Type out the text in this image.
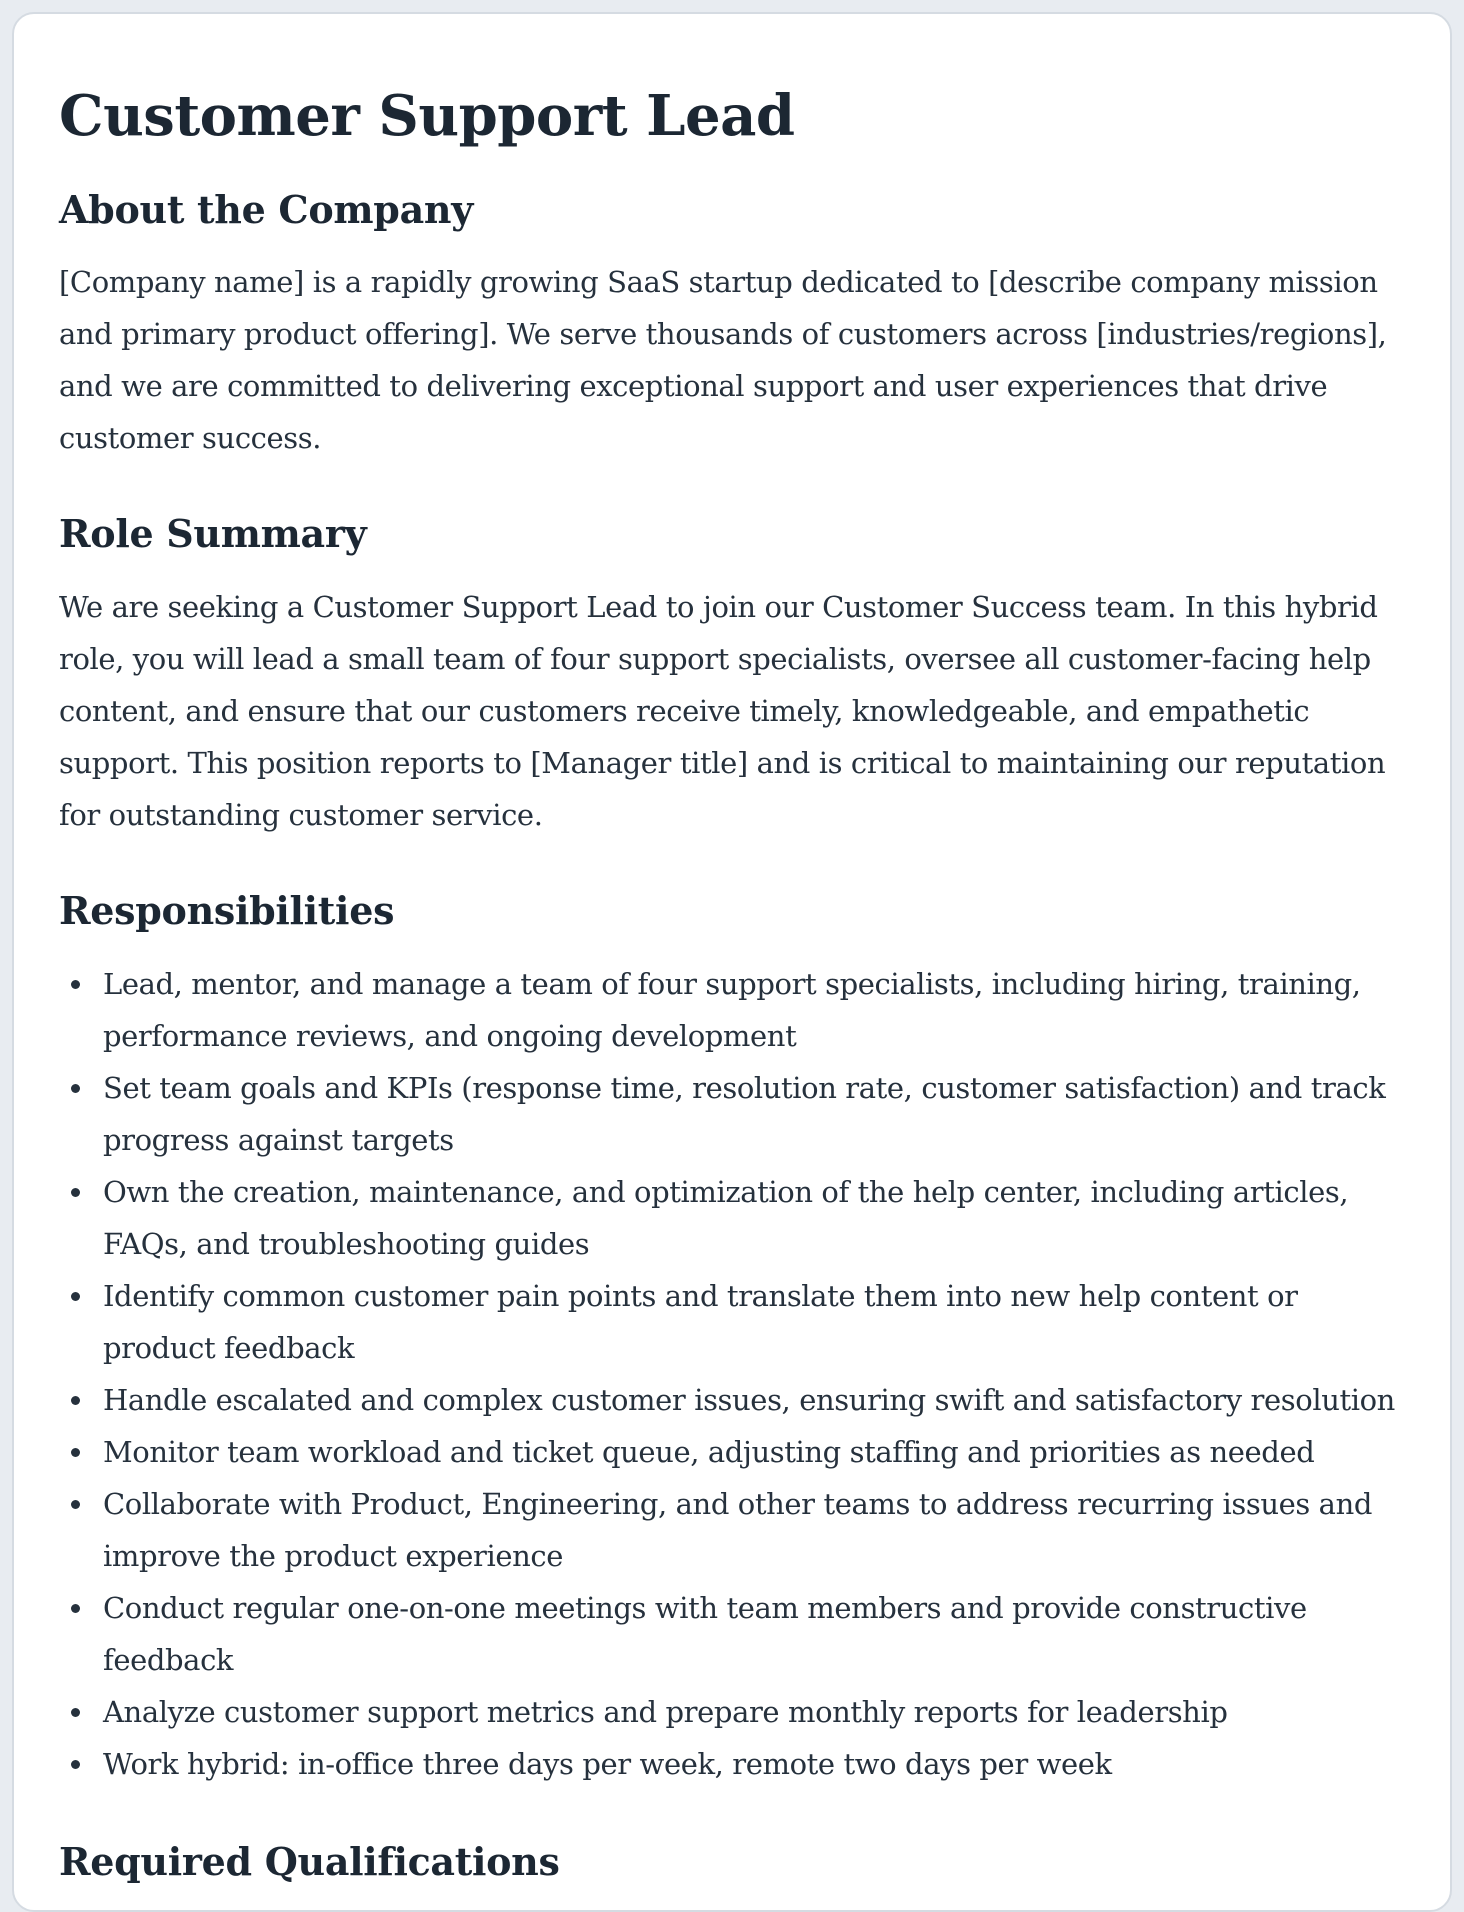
Customer Support Lead
About the Company

[Company name] is a rapidly growing SaaS startup dedicated to [describe company mission and primary product offering]. We serve thousands of customers across [industries/regions], and we are committed to delivering exceptional support and user experiences that drive customer success.

Role Summary

We are seeking a Customer Support Lead to join our Customer Success team. In this hybrid role, you will lead a small team of four support specialists, oversee all customer-facing help content, and ensure that our customers receive timely, knowledgeable, and empathetic support. This position reports to [Manager title] and is critical to maintaining our reputation for outstanding customer service.

Responsibilities
Lead, mentor, and manage a team of four support specialists, including hiring, training, performance reviews, and ongoing development
Set team goals and KPIs (response time, resolution rate, customer satisfaction) and track progress against targets
Own the creation, maintenance, and optimization of the help center, including articles, FAQs, and troubleshooting guides
Identify common customer pain points and translate them into new help content or product feedback
Handle escalated and complex customer issues, ensuring swift and satisfactory resolution
Monitor team workload and ticket queue, adjusting staffing and priorities as needed
Collaborate with Product, Engineering, and other teams to address recurring issues and improve the product experience
Conduct regular one-on-one meetings with team members and provide constructive feedback
Analyze customer support metrics and prepare monthly reports for leadership
Work hybrid: in-office three days per week, remote two days per week
Required Qualifications
